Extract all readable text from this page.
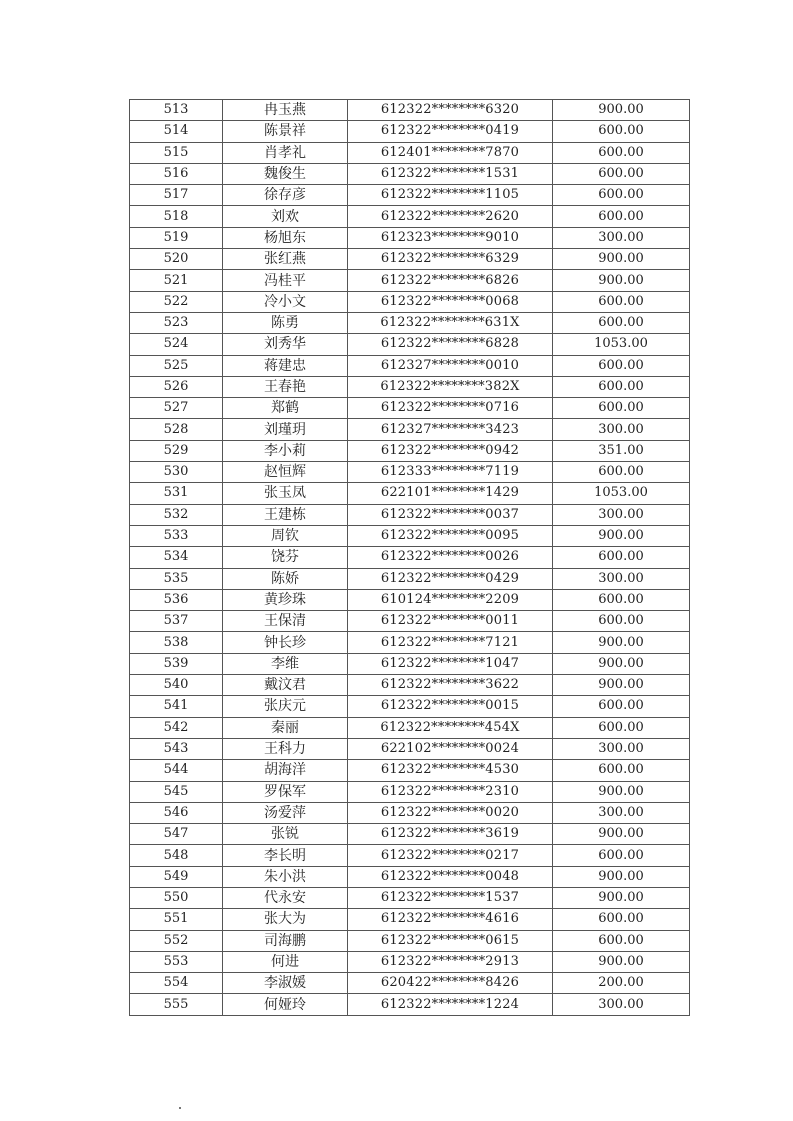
513	冉玉燕	612322********6320	900.00
514	陈景祥	612322********0419	600.00
515	肖孝礼	612401********7870	600.00
516	魏俊生	612322********1531	600.00
517	徐存彦	612322********1105	600.00
518	刘欢	612322********2620	600.00
519	杨旭东	612323********9010	300.00
520	张红燕	612322********6329	900.00
521	冯桂平	612322********6826	900.00
522	冷小文	612322********0068	600.00
523	陈勇	612322********631X	600.00
524	刘秀华	612322********6828	1053.00
525	蒋建忠	612327********0010	600.00
526	王春艳	612322********382X	600.00
527	郑鹤	612322********0716	600.00
528	刘瑾玥	612327********3423	300.00
529	李小莉	612322********0942	351.00
530	赵恒辉	612333********7119	600.00
531	张玉凤	622101********1429	1053.00
532	王建栋	612322********0037	300.00
533	周钦	612322********0095	900.00
534	饶芬	612322********0026	600.00
535	陈娇	612322********0429	300.00
536	黄珍珠	610124********2209	600.00
537	王保清	612322********0011	600.00
538	钟长珍	612322********7121	900.00
539	李维	612322********1047	900.00
540	戴汶君	612322********3622	900.00
541	张庆元	612322********0015	600.00
542	秦丽	612322********454X	600.00
543	王科力	622102********0024	300.00
544	胡海洋	612322********4530	600.00
545	罗保军	612322********2310	900.00
546	汤爱萍	612322********0020	300.00
547	张锐	612322********3619	900.00
548	李长明	612322********0217	600.00
549	朱小洪	612322********0048	900.00
550	代永安	612322********1537	900.00
551	张大为	612322********4616	600.00
552	司海鹏	612322********0615	600.00
553	何进	612322********2913	900.00
554	李淑媛	620422********8426	200.00
555	何娅玲	612322********1224	300.00
